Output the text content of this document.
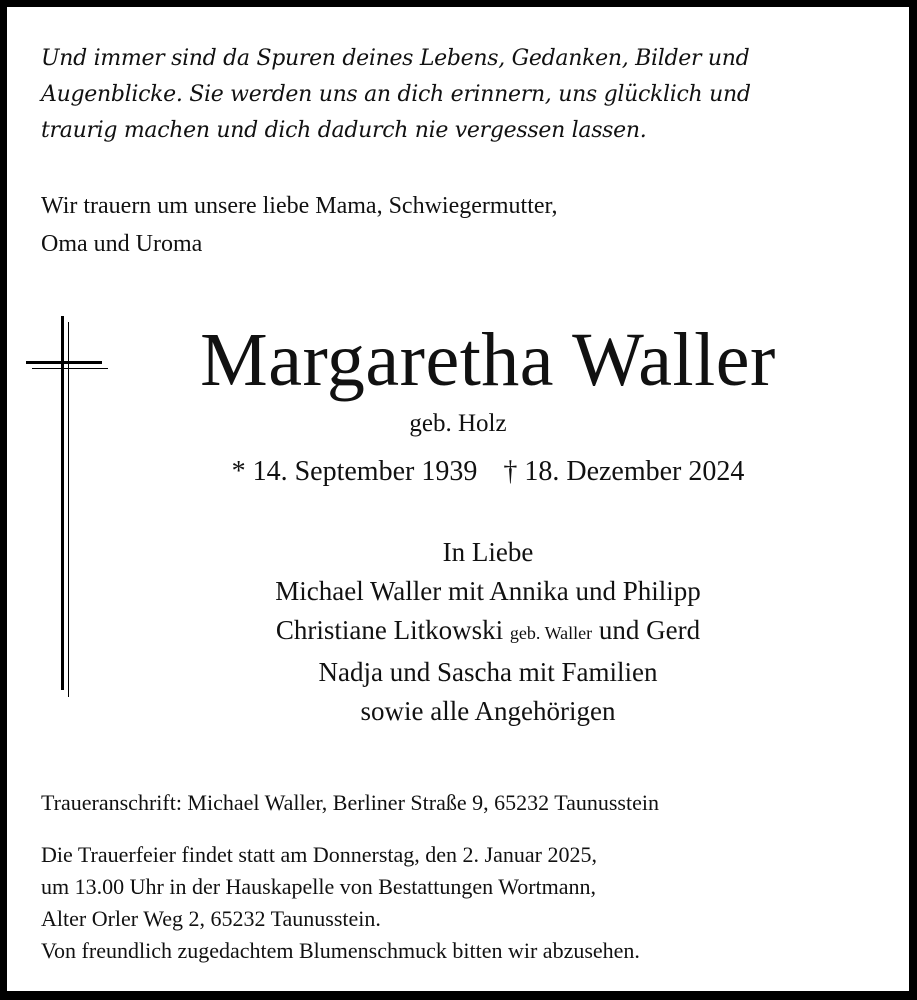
Und immer sind da Spuren deines Lebens, Gedanken, Bilder und
Augenblicke. Sie werden uns an dich erinnern, uns glücklich und
traurig machen und dich dadurch nie vergessen lassen.
Wir trauern um unsere liebe Mama, Schwiegermutter,
Oma und Uroma
Margaretha Waller
geb. Holz
* 14. September 1939 † 18. Dezember 2024
In Liebe
Michael Waller mit Annika und Philipp
Christiane Litkowski geb. Waller und Gerd
Nadja und Sascha mit Familien
sowie alle Angehörigen
Traueranschrift: Michael Waller, Berliner Straße 9, 65232 Taunusstein
Die Trauerfeier findet statt am Donnerstag, den 2. Januar 2025,
um 13.00 Uhr in der Hauskapelle von Bestattungen Wortmann,
Alter Orler Weg 2, 65232 Taunusstein.
Von freundlich zugedachtem Blumenschmuck bitten wir abzusehen.
